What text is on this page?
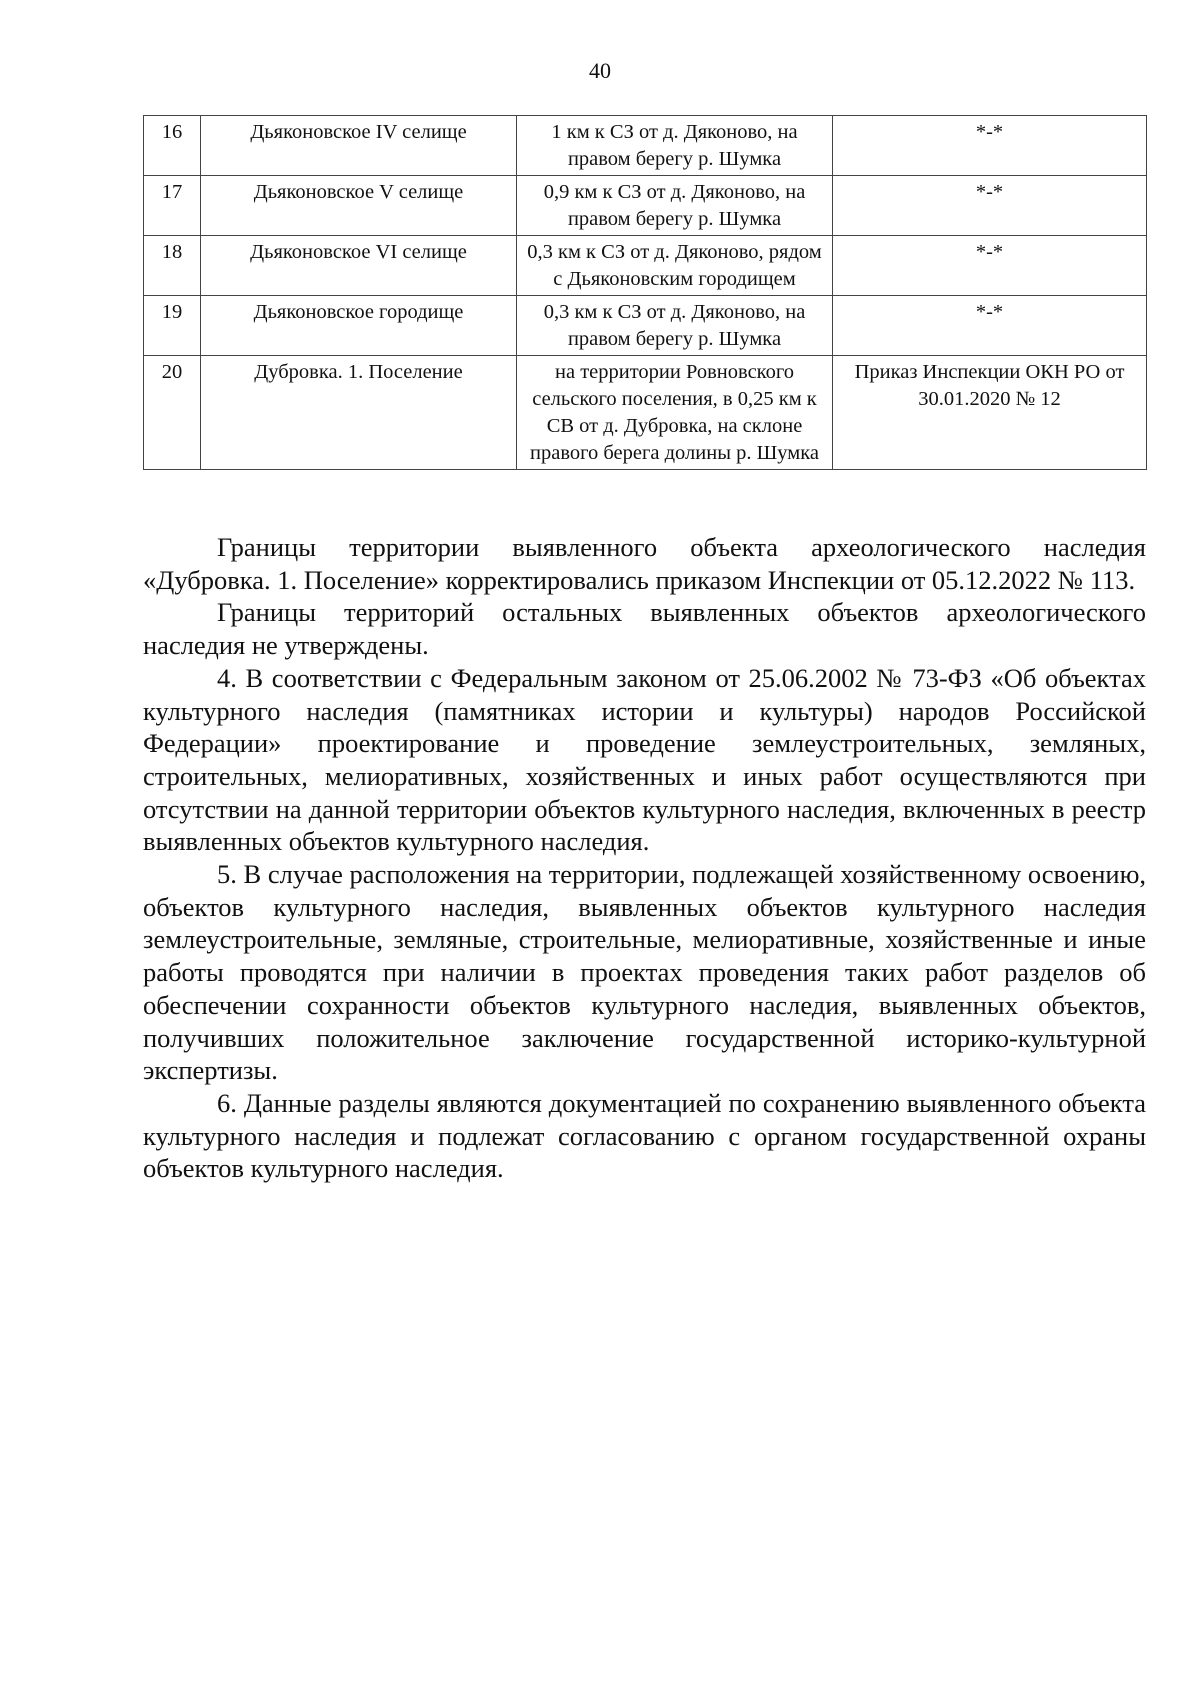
40
16	Дьяконовское IV селище	1 км к СЗ от д. Дяконово, на правом берегу р. Шумка	*-*
17	Дьяконовское V селище	0,9 км к СЗ от д. Дяконово, на правом берегу р. Шумка	*-*
18	Дьяконовское VI селище	0,3 км к СЗ от д. Дяконово, рядом с Дьяконовским городищем	*-*
19	Дьяконовское городище	0,3 км к СЗ от д. Дяконово, на правом берегу р. Шумка	*-*
20	Дубровка. 1. Поселение	на территории Ровновского сельского поселения, в 0,25 км к СВ от д. Дубровка, на склоне правого берега долины р. Шумка	Приказ Инспекции ОКН РО от 30.01.2020 № 12

Границы территории выявленного объекта археологического наследия «Дубровка. 1. Поселение» корректировались приказом Инспекции от 05.12.2022 № 113.

Границы территорий остальных выявленных объектов археологического наследия не утверждены.

4. В соответствии с Федеральным законом от 25.06.2002 № 73-ФЗ «Об объектах культурного наследия (памятниках истории и культуры) народов Российской Федерации» проектирование и проведение землеустроительных, земляных, строительных, мелиоративных, хозяйственных и иных работ осуществляются при отсутствии на данной территории объектов культурного наследия, включенных в реестр выявленных объектов культурного наследия.

5. В случае расположения на территории, подлежащей хозяйственному освоению, объектов культурного наследия, выявленных объектов культурного наследия землеустроительные, земляные, строительные, мелиоративные, хозяйственные и иные работы проводятся при наличии в проектах проведения таких работ разделов об обеспечении сохранности объектов культурного наследия, выявленных объектов, получивших положительное заключение государственной историко-культурной экспертизы.

6. Данные разделы являются документацией по сохранению выявленного объекта культурного наследия и подлежат согласованию с органом государственной охраны объектов культурного наследия.
